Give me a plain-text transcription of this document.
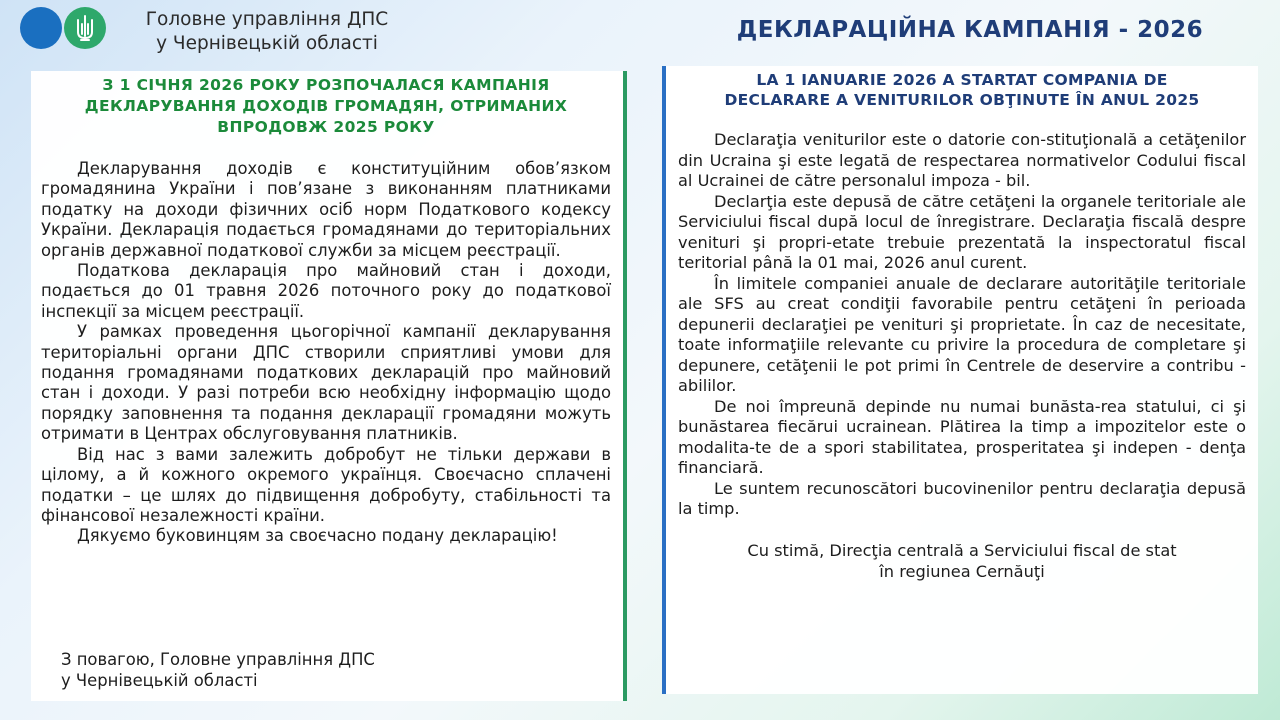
Головне управління ДПС
у Чернівецькій області
ДЕКЛАРАЦІЙНА КАМПАНІЯ - 2026
З 1 СІЧНЯ 2026 РОКУ РОЗПОЧАЛАСЯ КАМПАНІЯ
ДЕКЛАРУВАННЯ ДОХОДІВ ГРОМАДЯН, ОТРИМАНИХ
ВПРОДОВЖ 2025 РОКУ

Декларування доходів є конституційним обов’язком громадянина України і пов’язане з виконанням платниками податку на доходи фізичних осіб норм Податкового кодексу України. Декларація подається громадянами до територіальних органів державної податкової служби за місцем реєстрації.

Податкова декларація про майновий стан і доходи, подається до 01 травня 2026 поточного року до податкової інспекції за місцем реєстрації.

У рамках проведення цьогорічної кампанії декларування територіальні органи ДПС створили сприятливі умови для подання громадянами податкових декларацій про майновий стан і доходи. У разі потреби всю необхідну інформацію щодо порядку заповнення та подання декларації громадяни можуть отримати в Центрах обслуговування платників.

Від нас з вами залежить добробут не тільки держави в цілому, а й кожного окремого українця. Своєчасно сплачені податки – це шлях до підвищення добробуту, стабільності та фінансової незалежності країни.

Дякуємо буковинцям за своєчасно подану декларацію!

З повагою, Головне управління ДПС
у Чернівецькій області
LA 1 IANUARIE 2026 A STARTAT COMPANIA DE
DECLARARE A VENITURILOR OBŢINUTE ÎN ANUL 2025

Declaraţia veniturilor este o datorie con-stituţională a cetăţenilor din Ucraina şi este legată de respectarea normativelor Codului fiscal al Ucrainei de către personalul impoza - bil.

Declarţia este depusă de către cetăţeni la organele teritoriale ale Serviciului fiscal după locul de înregistrare. Declaraţia fiscală despre venituri şi propri-etate trebuie prezentată la inspectoratul fiscal teritorial până la 01 mai, 2026 anul curent.

În limitele companiei anuale de declarare autorităţile teritoriale ale SFS au creat condiţii favorabile pentru cetăţeni în perioada depunerii declaraţiei pe venituri şi proprietate. În caz de necesitate, toate informaţiile relevante cu privire la procedura de completare şi depunere, cetăţenii le pot primi în Centrele de deservire a contribu - abililor.

De noi împreună depinde nu numai bunăsta-rea statului, ci şi bunăstarea fiecărui ucrainean. Plătirea la timp a impozitelor este o modalita-te de a spori stabilitatea, prosperitatea şi indepen - denţa financiară.

Le suntem recunoscători bucovinenilor pentru declaraţia depusă la timp.

Cu stimă, Direcţia centrală a Serviciului fiscal de stat
în regiunea Cernăuţi
